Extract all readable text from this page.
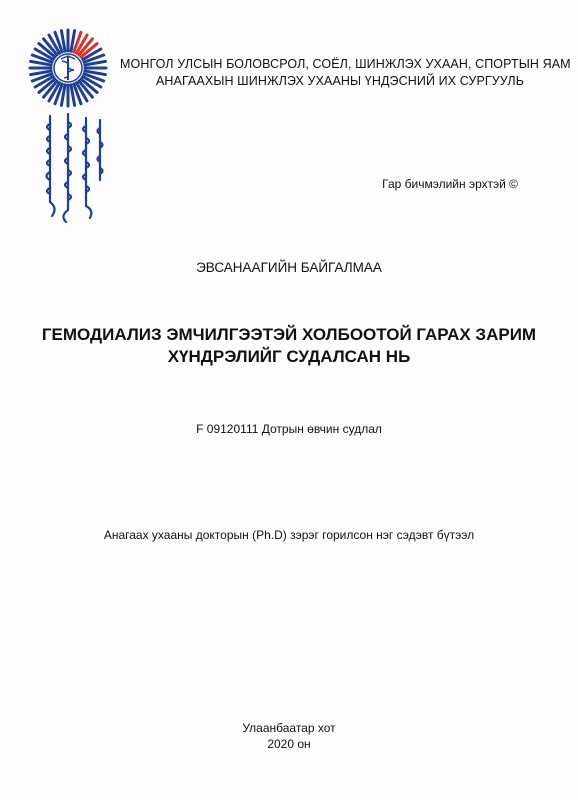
МОНГОЛ УЛСЫН БОЛОВСРОЛ, СОЁЛ, ШИНЖЛЭХ УХААН, СПОРТЫН ЯАМ
АНАГААХЫН ШИНЖЛЭХ УХААНЫ ҮНДЭСНИЙ ИХ СУРГУУЛЬ
Гар бичмэлийн эрхтэй ©
ЭВСАНААГИЙН БАЙГАЛМАА
ГЕМОДИАЛИЗ ЭМЧИЛГЭЭТЭЙ ХОЛБООТОЙ ГАРАХ ЗАРИМ
ХҮНДРЭЛИЙГ СУДАЛСАН НЬ
F 09120111 Дотрын өвчин судлал
Анагаах ухааны докторын (Ph.D) зэрэг горилсон нэг сэдэвт бүтээл
Улаанбаатар хот
2020 он
